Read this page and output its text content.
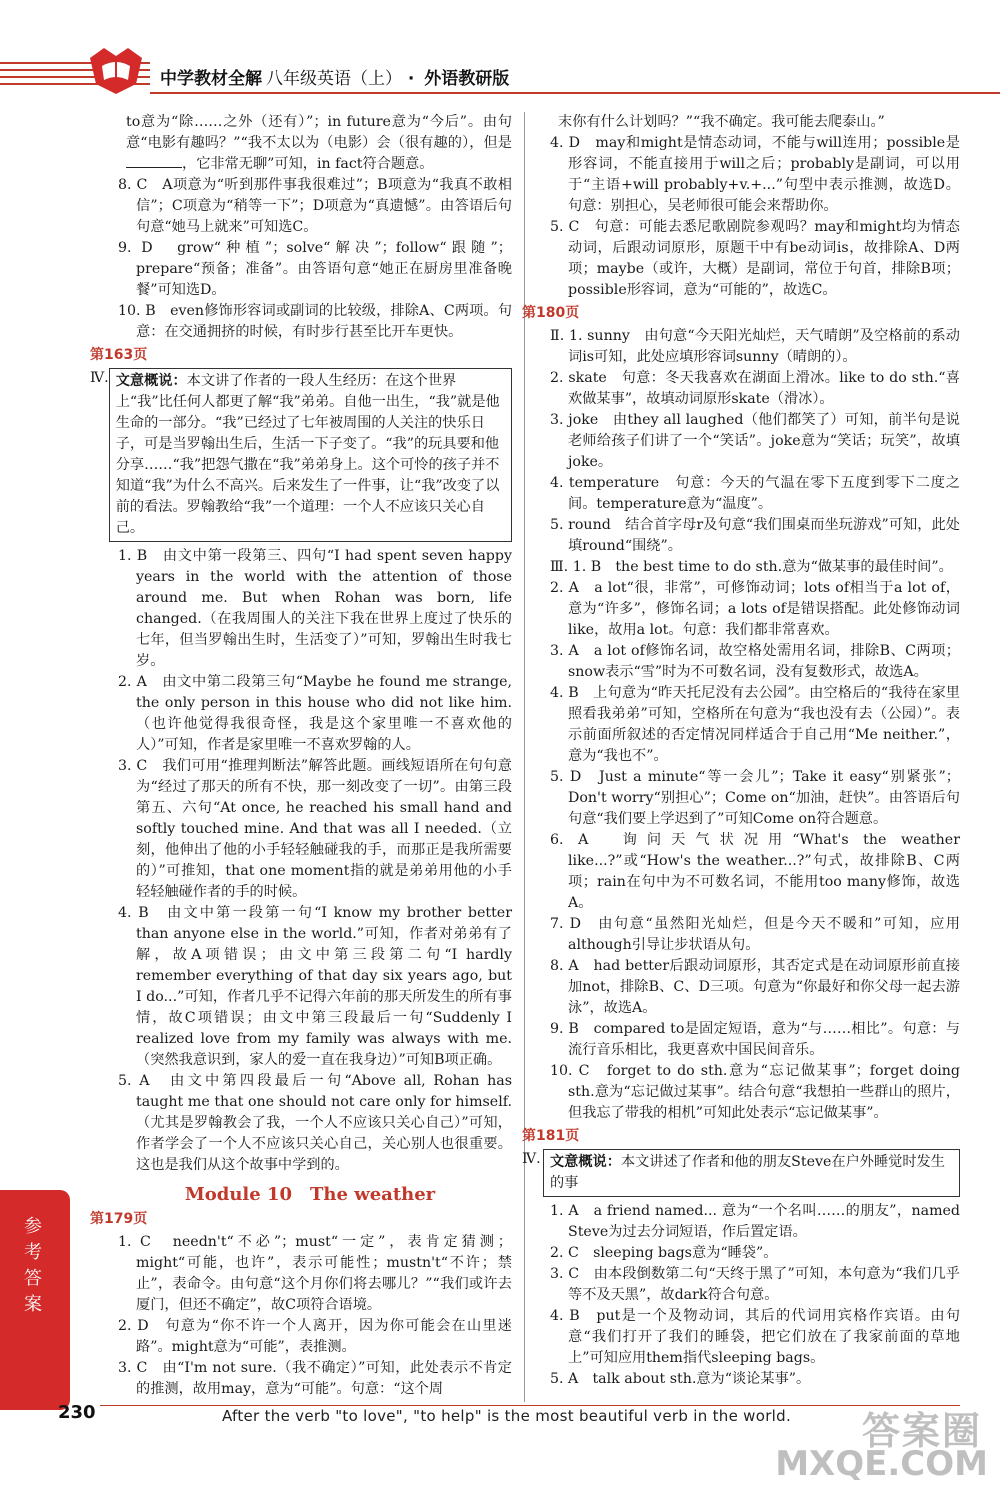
中学教材全解 八年级英语（上） · 外语教研版

to意为“除……之外（还有）”；in future意为“今后”。由句意“电影有趣吗？”“我不太以为（电影）会（很有趣的），但是，它非常无聊”可知，in fact符合题意。

8. C　A项意为“听到那件事我很难过”；B项意为“我真不敢相信”；C项意为“稍等一下”；D项意为“真遗憾”。由答语后句句意“她马上就来”可知选C。

9. D　grow“种植”；solve“解决”；follow“跟随”；prepare“预备；准备”。由答语句意“她正在厨房里准备晚餐”可知选D。

10. B　even修饰形容词或副词的比较级，排除A、C两项。句意：在交通拥挤的时候，有时步行甚至比开车更快。

第163页
Ⅳ. 文意概说：本文讲了作者的一段人生经历：在这个世界上“我”比任何人都更了解“我”弟弟。自他一出生，“我”就是他生命的一部分。“我”已经过了七年被周围的人关注的快乐日子，可是当罗翰出生后，生活一下子变了。“我”的玩具要和他分享……“我”把怨气撒在“我”弟弟身上。这个可怜的孩子并不知道“我”为什么不高兴。后来发生了一件事，让“我”改变了以前的看法。罗翰教给“我”一个道理：一个人不应该只关心自己。

1. B　由文中第一段第三、四句“I had spent seven happy years in the world with the attention of those around me. But when Rohan was born, life changed.（在我周围人的关注下我在世界上度过了快乐的七年，但当罗翰出生时，生活变了）”可知，罗翰出生时我七岁。

2. A　由文中第二段第三句“Maybe he found me strange, the only person in this house who did not like him.（也许他觉得我很奇怪，我是这个家里唯一不喜欢他的人）”可知，作者是家里唯一不喜欢罗翰的人。

3. C　我们可用“推理判断法”解答此题。画线短语所在句句意为“经过了那天的所有不快，那一刻改变了一切”。由第三段第五、六句“At once, he reached his small hand and softly touched mine. And that was all I needed.（立刻，他伸出了他的小手轻轻触碰我的手，而那正是我所需要的）”可推知，that one moment指的就是弟弟用他的小手轻轻触碰作者的手的时候。

4. B　由文中第一段第一句“I know my brother better than anyone else in the world.”可知，作者对弟弟有了解，故A项错误；由文中第三段第二句“I hardly remember everything of that day six years ago, but I do...”可知，作者几乎不记得六年前的那天所发生的所有事情，故C项错误；由文中第三段最后一句“Suddenly I realized love from my family was always with me.（突然我意识到，家人的爱一直在我身边）”可知B项正确。

5. A　由文中第四段最后一句“Above all, Rohan has taught me that one should not care only for himself.（尤其是罗翰教会了我，一个人不应该只关心自己）”可知，作者学会了一个人不应该只关心自己，关心别人也很重要。这也是我们从这个故事中学到的。

Module 10　The weather
第179页

1. C　needn't“不必”；must“一定”，表肯定猜测；might“可能，也许”，表示可能性；mustn't“不许；禁止”，表命令。由句意“这个月你们将去哪儿？”“我们或许去厦门，但还不确定”，故C项符合语境。

2. D　句意为“你不许一个人离开，因为你可能会在山里迷路”。might意为“可能”，表推测。

3. C　由“I'm not sure.（我不确定）”可知，此处表示不肯定的推测，故用may，意为“可能”。句意：“这个周

末你有什么计划吗？”“我不确定。我可能去爬泰山。”

4. D　may和might是情态动词，不能与will连用；possible是形容词，不能直接用于will之后；probably是副词，可以用于“主语+will probably+v.+...”句型中表示推测，故选D。句意：别担心，吴老师很可能会来帮助你。

5. C　句意：可能去悉尼歌剧院参观吗？may和might均为情态动词，后跟动词原形，原题干中有be动词is，故排除A、D两项；maybe（或许，大概）是副词，常位于句首，排除B项；possible形容词，意为“可能的”，故选C。

第180页

Ⅱ. 1. sunny　由句意“今天阳光灿烂，天气晴朗”及空格前的系动词is可知，此处应填形容词sunny（晴朗的）。

2. skate　句意：冬天我喜欢在湖面上滑冰。like to do sth.“喜欢做某事”，故填动词原形skate（滑冰）。

3. joke　由they all laughed（他们都笑了）可知，前半句是说老师给孩子们讲了一个“笑话”。joke意为“笑话；玩笑”，故填joke。

4. temperature　句意：今天的气温在零下五度到零下二度之间。temperature意为“温度”。

5. round　结合首字母r及句意“我们围桌而坐玩游戏”可知，此处填round“围绕”。

Ⅲ. 1. B　the best time to do sth.意为“做某事的最佳时间”。

2. A　a lot“很，非常”，可修饰动词；lots of相当于a lot of，意为“许多”，修饰名词；a lots of是错误搭配。此处修饰动词like，故用a lot。句意：我们都非常喜欢。

3. A　a lot of修饰名词，故空格处需用名词，排除B、C两项；snow表示“雪”时为不可数名词，没有复数形式，故选A。

4. B　上句意为“昨天托尼没有去公园”。由空格后的“我待在家里照看我弟弟”可知，空格所在句意为“我也没有去（公园）”。表示前面所叙述的否定情况同样适合于自己用“Me neither.”，意为“我也不”。

5. D　Just a minute“等一会儿”；Take it easy“别紧张”；Don't worry“别担心”；Come on“加油，赶快”。由答语后句句意“我们要上学迟到了”可知Come on符合题意。

6. A　询问天气状况用“What's the weather like...?”或“How's the weather...?”句式，故排除B、C两项；rain在句中为不可数名词，不能用too many修饰，故选A。

7. D　由句意“虽然阳光灿烂，但是今天不暖和”可知，应用although引导让步状语从句。

8. A　had better后跟动词原形，其否定式是在动词原形前直接加not，排除B、C、D三项。句意为“你最好和你父母一起去游泳”，故选A。

9. B　compared to是固定短语，意为“与……相比”。句意：与流行音乐相比，我更喜欢中国民间音乐。

10. C　forget to do sth.意为“忘记做某事”；forget doing sth.意为“忘记做过某事”。结合句意“我想拍一些群山的照片，但我忘了带我的相机”可知此处表示“忘记做某事”。

第181页
Ⅳ. 文意概说：本文讲述了作者和他的朋友Steve在户外睡觉时发生的事

1. A　a friend named... 意为“一个名叫……的朋友”，named Steve为过去分词短语，作后置定语。

2. C　sleeping bags意为“睡袋”。

3. C　由本段倒数第二句“天终于黑了”可知，本句意为“我们几乎等不及天黑”，故dark符合句意。

4. B　put是一个及物动词，其后的代词用宾格作宾语。由句意“我们打开了我们的睡袋，把它们放在了我家前面的草地上”可知应用them指代sleeping bags。

5. A　talk about sth.意为“谈论某事”。

参考答案
230	After the verb "to love", "to help" is the most beautiful verb in the world. 答案圈
MXQE.COM
